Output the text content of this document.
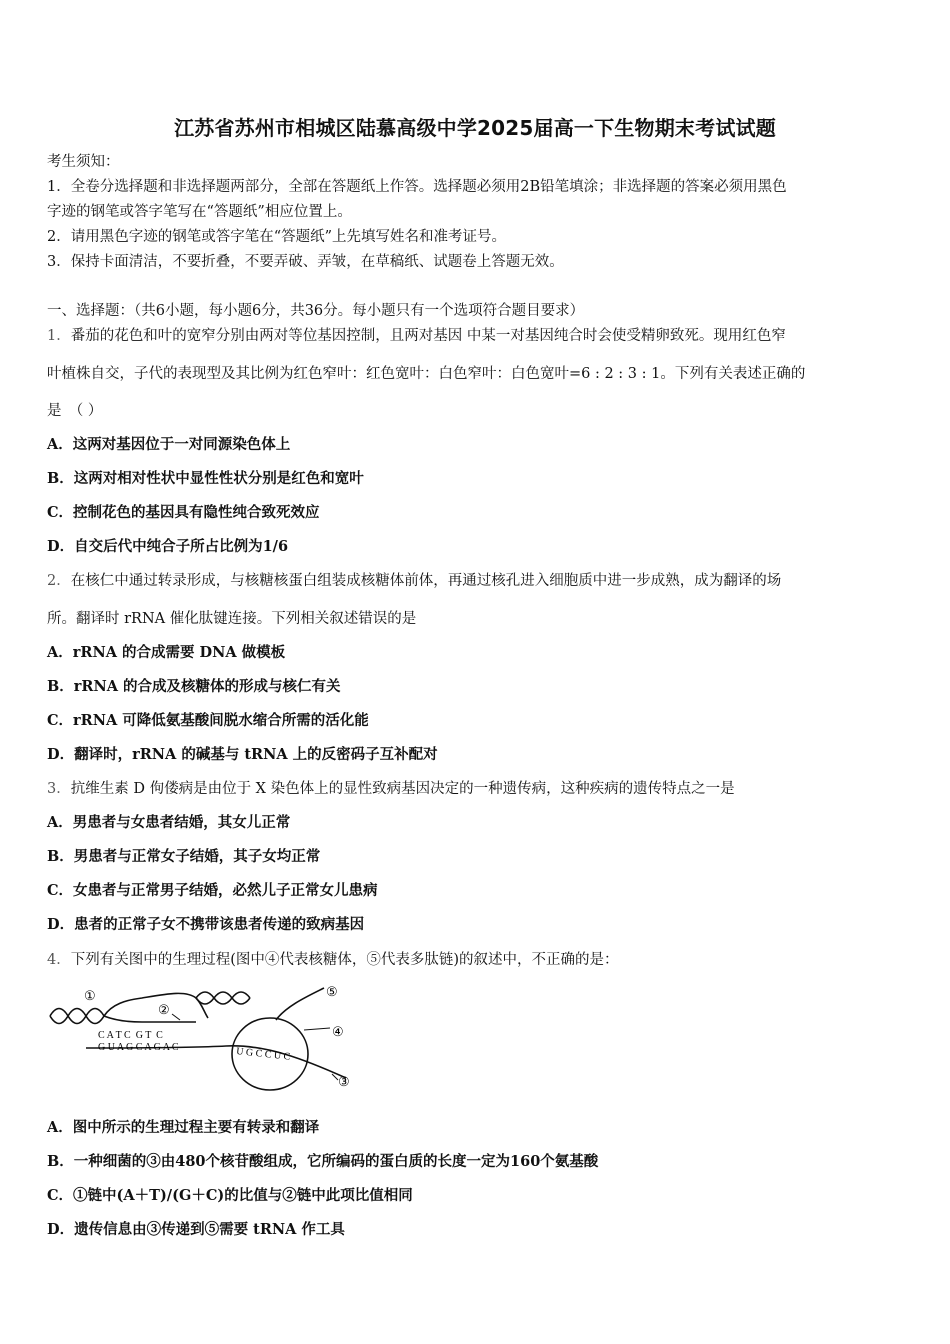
江苏省苏州市相城区陆慕高级中学2025届高一下生物期末考试试题
考生须知：
1．全卷分选择题和非选择题两部分，全部在答题纸上作答。选择题必须用2B铅笔填涂；非选择题的答案必须用黑色
字迹的钢笔或答字笔写在“答题纸”相应位置上。
2．请用黑色字迹的钢笔或答字笔在“答题纸”上先填写姓名和准考证号。
3．保持卡面清洁，不要折叠，不要弄破、弄皱，在草稿纸、试题卷上答题无效。
一、选择题：（共6小题，每小题6分，共36分。每小题只有一个选项符合题目要求）
1．番茄的花色和叶的宽窄分别由两对等位基因控制，且两对基因 中某一对基因纯合时会使受精卵致死。现用红色窄
叶植株自交，子代的表现型及其比例为红色窄叶：红色宽叶：白色窄叶：白色宽叶=6 : 2 : 3 : 1。下列有关表述正确的
是　（ ）
A．这两对基因位于一对同源染色体上
B．这两对相对性状中显性性状分别是红色和宽叶
C．控制花色的基因具有隐性纯合致死效应
D．自交后代中纯合子所占比例为1/6
2．在核仁中通过转录形成，与核糖核蛋白组装成核糖体前体，再通过核孔进入细胞质中进一步成熟，成为翻译的场
所。翻译时 rRNA 催化肽键连接。下列相关叙述错误的是
A．rRNA 的合成需要 DNA 做模板
B．rRNA 的合成及核糖体的形成与核仁有关
C．rRNA 可降低氨基酸间脱水缩合所需的活化能
D．翻译时，rRNA 的碱基与 tRNA 上的反密码子互补配对
3．抗维生素 D 佝偻病是由位于 X 染色体上的显性致病基因决定的一种遗传病，这种疾病的遗传特点之一是
A．男患者与女患者结婚，其女儿正常
B．男患者与正常女子结婚，其子女均正常
C．女患者与正常男子结婚，必然儿子正常女儿患病
D．患者的正常子女不携带该患者传递的致病基因
4．下列有关图中的生理过程(图中④代表核糖体，⑤代表多肽链)的叙述中，不正确的是：
①
②
③
④
⑤
C A T C  G T  C
G U A G C A G A C	U G C C U C
A．图中所示的生理过程主要有转录和翻译
B．一种细菌的③由480个核苷酸组成，它所编码的蛋白质的长度一定为160个氨基酸
C．①链中(A＋T)/(G＋C)的比值与②链中此项比值相同
D．遗传信息由③传递到⑤需要 tRNA 作工具
